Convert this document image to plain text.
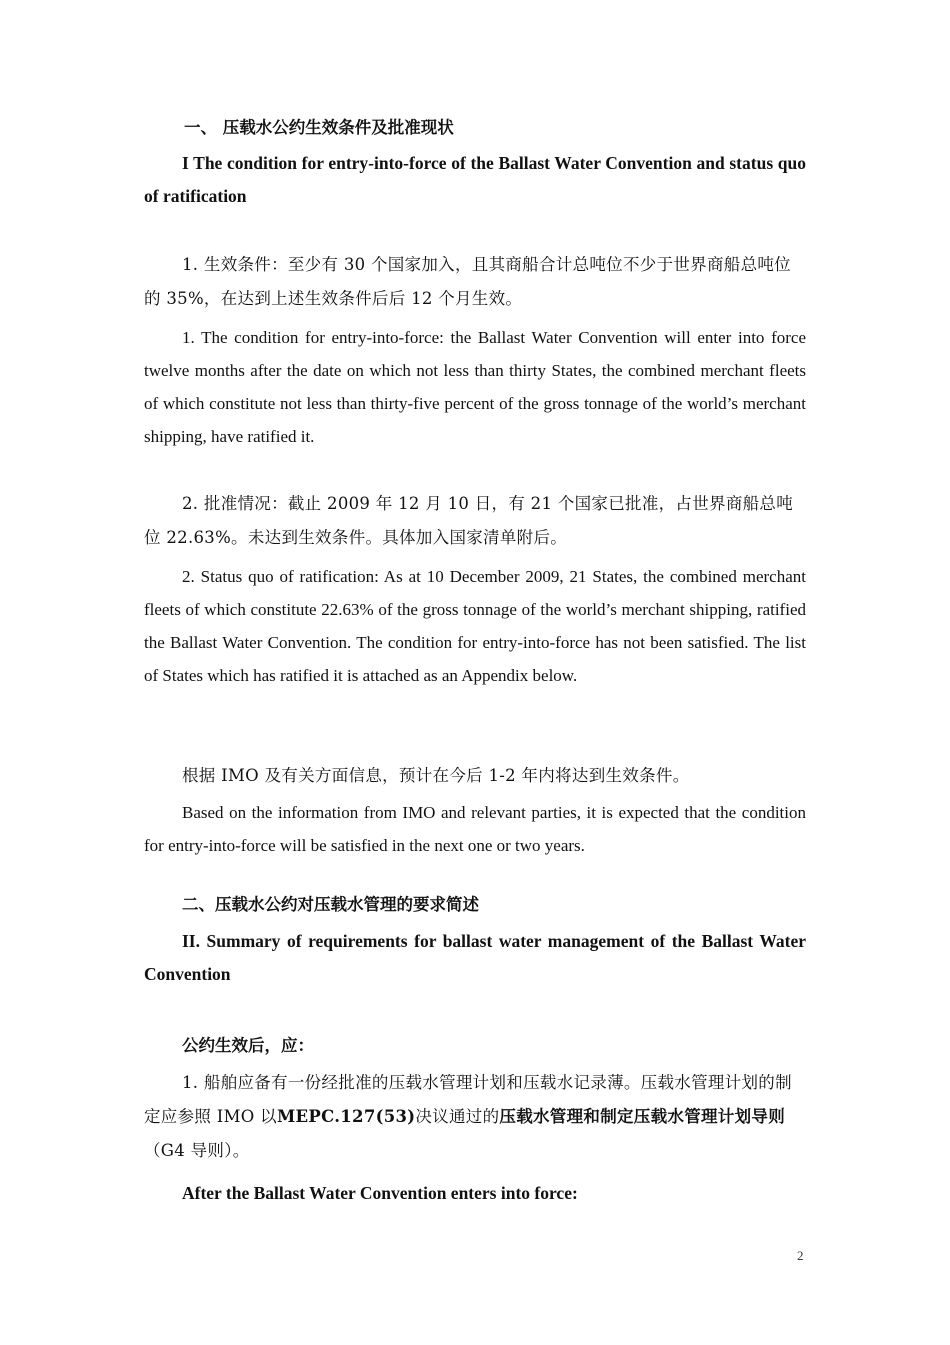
一、 压载水公约生效条件及批准现状

I The condition for entry-into-force of the Ballast Water Convention and status quo of ratification

1. 生效条件：至少有 30 个国家加入，且其商船合计总吨位不少于世界商船总吨位的 35%，在达到上述生效条件后后 12 个月生效。

1. The condition for entry-into-force: the Ballast Water Convention will enter into force twelve months after the date on which not less than thirty States, the combined merchant fleets of which constitute not less than thirty-five percent of the gross tonnage of the world’s merchant shipping, have ratified it.

2. 批准情况：截止 2009 年 12 月 10 日，有 21 个国家已批准，占世界商船总吨位 22.63%。未达到生效条件。具体加入国家清单附后。

2. Status quo of ratification: As at 10 December 2009, 21 States, the combined merchant fleets of which constitute 22.63% of the gross tonnage of the world’s merchant shipping, ratified the Ballast Water Convention. The condition for entry-into-force has not been satisfied. The list of States which has ratified it is attached as an Appendix below.

根据 IMO 及有关方面信息，预计在今后 1-2 年内将达到生效条件。

Based on the information from IMO and relevant parties, it is expected that the condition for entry-into-force will be satisfied in the next one or two years.

二、压载水公约对压载水管理的要求简述

II. Summary of requirements for ballast water management of the Ballast Water Convention

公约生效后，应：

1. 船舶应备有一份经批准的压载水管理计划和压载水记录薄。压载水管理计划的制定应参照 IMO 以MEPC.127(53)决议通过的压载水管理和制定压载水管理计划导则（G4 导则）。

After the Ballast Water Convention enters into force:

2
